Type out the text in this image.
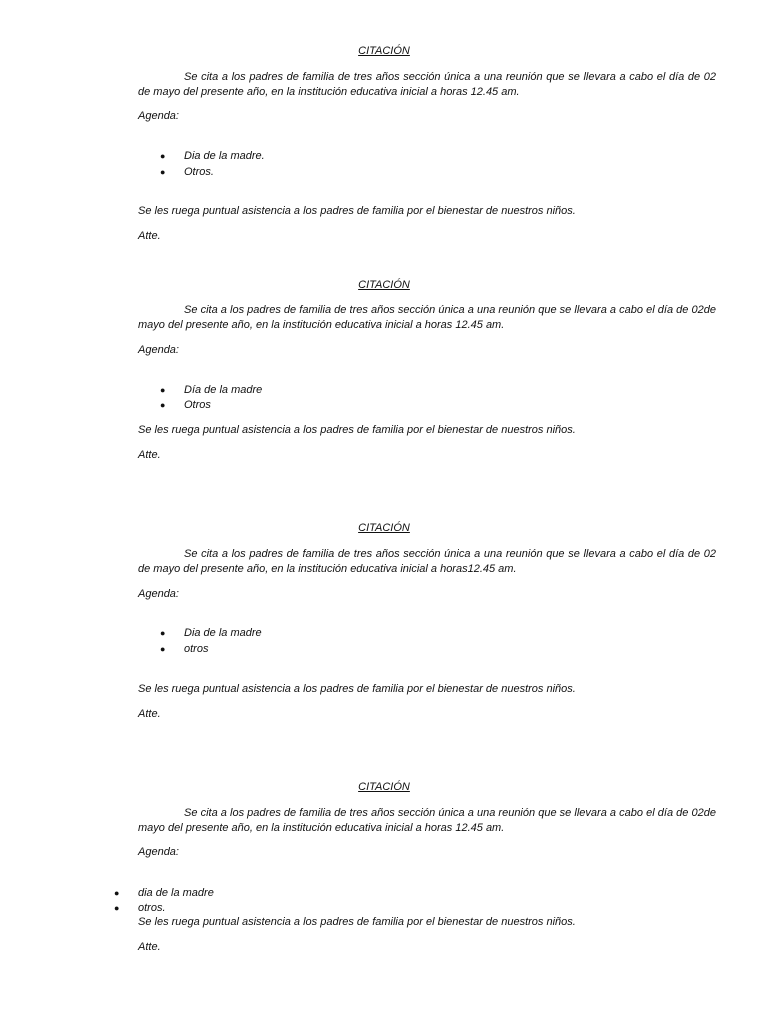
CITACIÓN
Se cita a los padres de familia de tres años sección única a una reunión que se llevara a cabo el día de 02 de mayo del presente año, en la institución educativa inicial a horas 12.45 am.
Agenda:
● Dia de la madre.
● Otros.
Se les ruega puntual asistencia a los padres de familia por el bienestar de nuestros niños.
Atte.
CITACIÓN
Se cita a los padres de familia de tres años sección única a una reunión que se llevara a cabo el día de 02de mayo del presente año, en la institución educativa inicial a horas 12.45 am.
Agenda:
● Día de la madre
● Otros
Se les ruega puntual asistencia a los padres de familia por el bienestar de nuestros niños.
Atte.
CITACIÓN
Se cita a los padres de familia de tres años sección única a una reunión que se llevara a cabo el día de 02 de mayo del presente año, en la institución educativa inicial a horas12.45 am.
Agenda:
● Dia de la madre
● otros
Se les ruega puntual asistencia a los padres de familia por el bienestar de nuestros niños.
Atte.
CITACIÓN
Se cita a los padres de familia de tres años sección única a una reunión que se llevara a cabo el día de 02de mayo del presente año, en la institución educativa inicial a horas 12.45 am.
Agenda:
● dia de la madre
● otros.
Se les ruega puntual asistencia a los padres de familia por el bienestar de nuestros niños.
Atte.
